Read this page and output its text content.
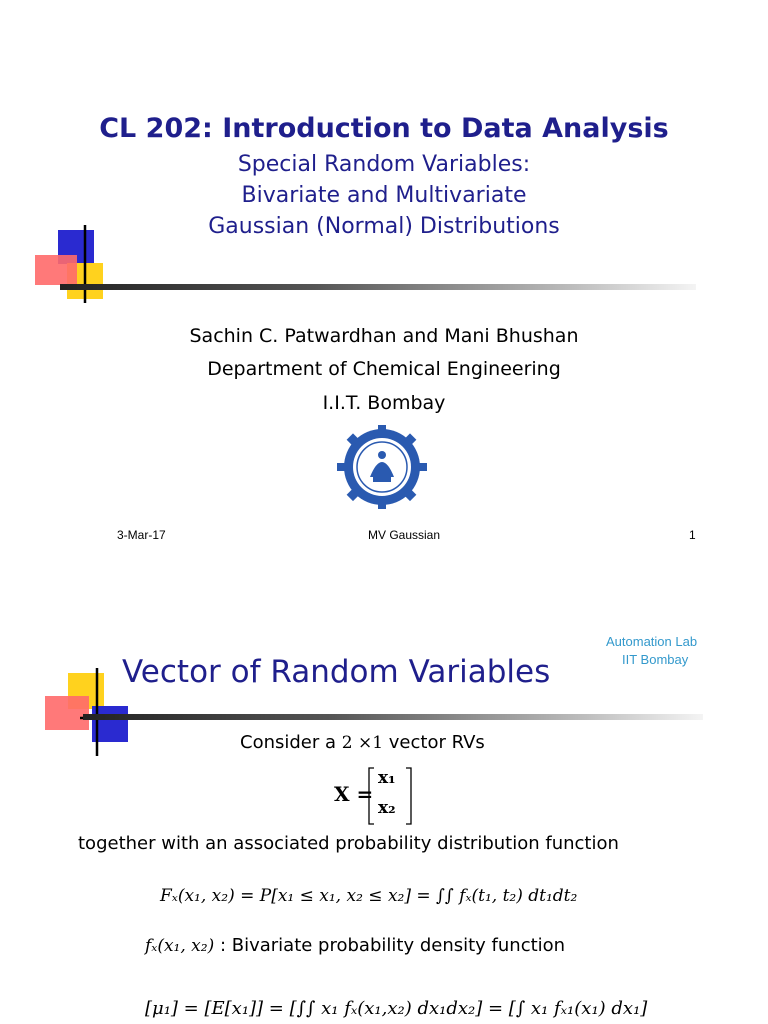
CL 202: Introduction to Data Analysis
Special Random Variables:
Bivariate and Multivariate
Gaussian (Normal) Distributions
Sachin C. Patwardhan and Mani Bhushan
Department of Chemical Engineering
I.I.T. Bombay
3-Mar-17	MV Gaussian	1
Automation Lab
IIT Bombay
Vector of Random Variables
Consider a 2 ×1 vector RVs
X =
x₁
x₂
together with an associated probability distribution function
Fₓ(x₁, x₂) = P[x₁ ≤ x₁, x₂ ≤ x₂] = ∫∫ fₓ(t₁, t₂) dt₁dt₂
fₓ(x₁, x₂) : Bivariate probability density function
[μ₁] = [E[x₁]] = [∫∫ x₁ fₓ(x₁,x₂) dx₁dx₂] = [∫ x₁ fₓ₁(x₁) dx₁]
